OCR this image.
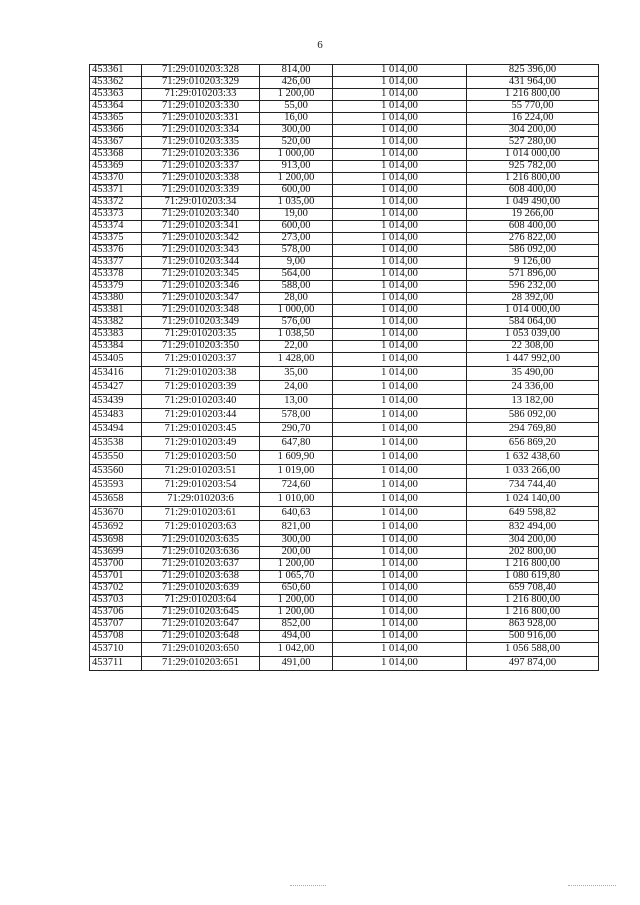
6
453361	71:29:010203:328	814,00	1 014,00	825 396,00
453362	71:29:010203:329	426,00	1 014,00	431 964,00
453363	71:29:010203:33	1 200,00	1 014,00	1 216 800,00
453364	71:29:010203:330	55,00	1 014,00	55 770,00
453365	71:29:010203:331	16,00	1 014,00	16 224,00
453366	71:29:010203:334	300,00	1 014,00	304 200,00
453367	71:29:010203:335	520,00	1 014,00	527 280,00
453368	71:29:010203:336	1 000,00	1 014,00	1 014 000,00
453369	71:29:010203:337	913,00	1 014,00	925 782,00
453370	71:29:010203:338	1 200,00	1 014,00	1 216 800,00
453371	71:29:010203:339	600,00	1 014,00	608 400,00
453372	71:29:010203:34	1 035,00	1 014,00	1 049 490,00
453373	71:29:010203:340	19,00	1 014,00	19 266,00
453374	71:29:010203:341	600,00	1 014,00	608 400,00
453375	71:29:010203:342	273,00	1 014,00	276 822,00
453376	71:29:010203:343	578,00	1 014,00	586 092,00
453377	71:29:010203:344	9,00	1 014,00	9 126,00
453378	71:29:010203:345	564,00	1 014,00	571 896,00
453379	71:29:010203:346	588,00	1 014,00	596 232,00
453380	71:29:010203:347	28,00	1 014,00	28 392,00
453381	71:29:010203:348	1 000,00	1 014,00	1 014 000,00
453382	71:29:010203:349	576,00	1 014,00	584 064,00
453383	71:29:010203:35	1 038,50	1 014,00	1 053 039,00
453384	71:29:010203:350	22,00	1 014,00	22 308,00
453405	71:29:010203:37	1 428,00	1 014,00	1 447 992,00
453416	71:29:010203:38	35,00	1 014,00	35 490,00
453427	71:29:010203:39	24,00	1 014,00	24 336,00
453439	71:29:010203:40	13,00	1 014,00	13 182,00
453483	71:29:010203:44	578,00	1 014,00	586 092,00
453494	71:29:010203:45	290,70	1 014,00	294 769,80
453538	71:29:010203:49	647,80	1 014,00	656 869,20
453550	71:29:010203:50	1 609,90	1 014,00	1 632 438,60
453560	71:29:010203:51	1 019,00	1 014,00	1 033 266,00
453593	71:29:010203:54	724,60	1 014,00	734 744,40
453658	71:29:010203:6	1 010,00	1 014,00	1 024 140,00
453670	71:29:010203:61	640,63	1 014,00	649 598,82
453692	71:29:010203:63	821,00	1 014,00	832 494,00
453698	71:29:010203:635	300,00	1 014,00	304 200,00
453699	71:29:010203:636	200,00	1 014,00	202 800,00
453700	71:29:010203:637	1 200,00	1 014,00	1 216 800,00
453701	71:29:010203:638	1 065,70	1 014,00	1 080 619,80
453702	71:29:010203:639	650,60	1 014,00	659 708,40
453703	71:29:010203:64	1 200,00	1 014,00	1 216 800,00
453706	71:29:010203:645	1 200,00	1 014,00	1 216 800,00
453707	71:29:010203:647	852,00	1 014,00	863 928,00
453708	71:29:010203:648	494,00	1 014,00	500 916,00
453710	71:29:010203:650	1 042,00	1 014,00	1 056 588,00
453711	71:29:010203:651	491,00	1 014,00	497 874,00
